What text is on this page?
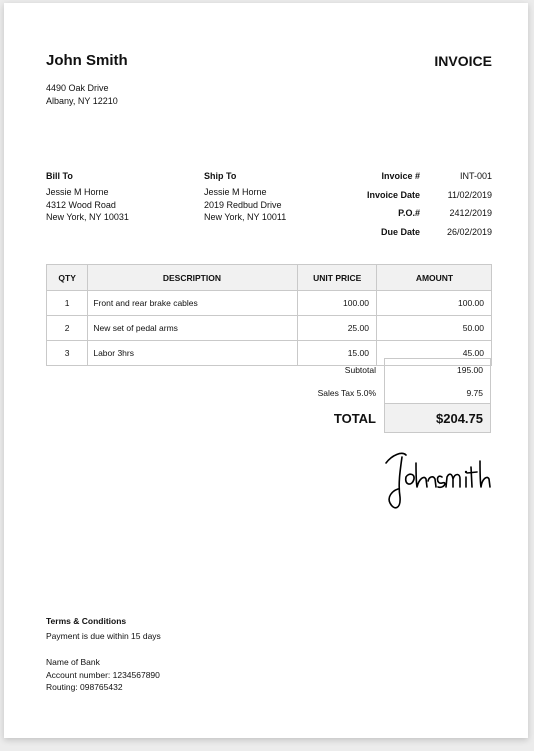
John Smith	INVOICE
4490 Oak Drive
Albany, NY 12210
Bill To
Jessie M Horne
4312 Wood Road
New York, NY 10031
Ship To
Jessie M Horne
2019 Redbud Drive
New York, NY 10011
Invoice #	INT-001
Invoice Date	11/02/2019
P.O.#	2412/2019
Due Date	26/02/2019
QTY	DESCRIPTION	UNIT PRICE	AMOUNT
1	Front and rear brake cables	100.00	100.00
2	New set of pedal arms	25.00	50.00
3	Labor 3hrs	15.00	45.00
Subtotal	195.00
Sales Tax 5.0%	9.75
TOTAL	$204.75
Terms & Conditions
Payment is due within 15 days
Name of Bank
Account number: 1234567890
Routing: 098765432
